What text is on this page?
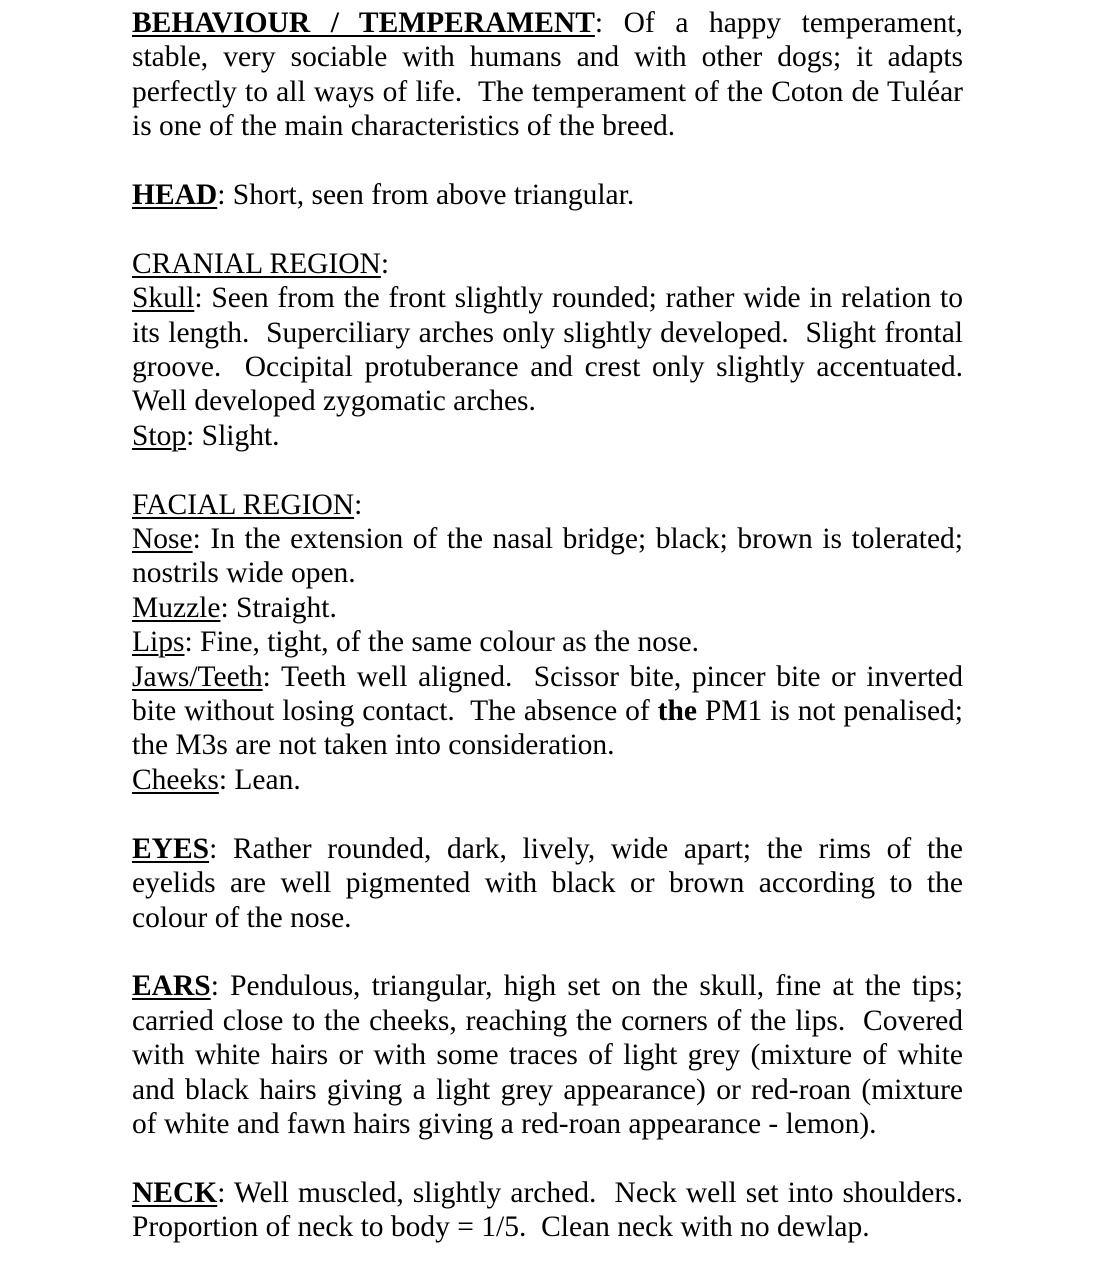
BEHAVIOUR / TEMPERAMENT: Of a happy temperament, stable, very sociable with humans and with other dogs; it adapts perfectly to all ways of life.  The temperament of the Coton de Tuléar is one of the main characteristics of the breed.

HEAD: Short, seen from above triangular.

CRANIAL REGION:

Skull: Seen from the front slightly rounded; rather wide in relation to its length.  Superciliary arches only slightly developed.  Slight frontal groove.  Occipital protuberance and crest only slightly accentuated. Well developed zygomatic arches.

Stop: Slight.

FACIAL REGION:

Nose: In the extension of the nasal bridge; black; brown is tolerated; nostrils wide open.

Muzzle: Straight.

Lips: Fine, tight, of the same colour as the nose.

Jaws/Teeth: Teeth well aligned.  Scissor bite, pincer bite or inverted bite without losing contact.  The absence of the PM1 is not penalised; the M3s are not taken into consideration.

Cheeks: Lean.

EYES: Rather rounded, dark, lively, wide apart; the rims of the eyelids are well pigmented with black or brown according to the colour of the nose.

EARS: Pendulous, triangular, high set on the skull, fine at the tips; carried close to the cheeks, reaching the corners of the lips.  Covered with white hairs or with some traces of light grey (mixture of white and black hairs giving a light grey appearance) or red-roan (mixture of white and fawn hairs giving a red-roan appearance - lemon).

NECK: Well muscled, slightly arched.  Neck well set into shoulders. Proportion of neck to body = 1/5.  Clean neck with no dewlap.
